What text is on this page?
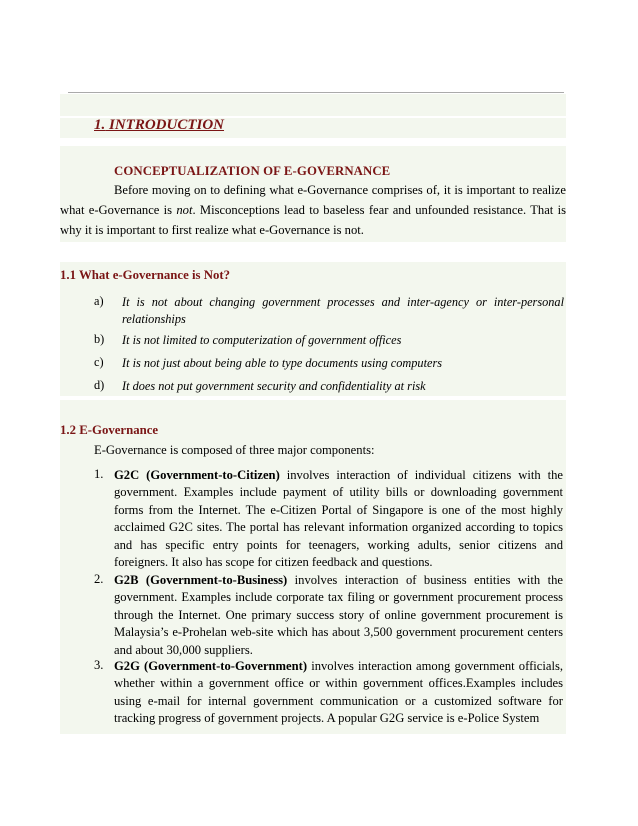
1. INTRODUCTION
CONCEPTUALIZATION OF E-GOVERNANCE
Before moving on to defining what e-Governance comprises of, it is important to realize what e-Governance is not. Misconceptions lead to baseless fear and unfounded resistance. That is why it is important to first realize what e-Governance is not.
1.1 What e-Governance is Not?
a) It is not about changing government processes and inter-agency or inter-personal relationships
b) It is not limited to computerization of government offices
c) It is not just about being able to type documents using computers
d) It does not put government security and confidentiality at risk
1.2 E-Governance
E-Governance is composed of three major components:
1. G2C (Government-to-Citizen) involves interaction of individual citizens with the government. Examples include payment of utility bills or downloading government forms from the Internet. The e-Citizen Portal of Singapore is one of the most highly acclaimed G2C sites. The portal has relevant information organized according to topics and has specific entry points for teenagers, working adults, senior citizens and foreigners. It also has scope for citizen feedback and questions.
2. G2B (Government-to-Business) involves interaction of business entities with the government. Examples include corporate tax filing or government procurement process through the Internet. One primary success story of online government procurement is Malaysia’s e-Prohelan web-site which has about 3,500 government procurement centers and about 30,000 suppliers.
3. G2G (Government-to-Government) involves interaction among government officials, whether within a government office or within government offices.Examples includes using e-mail for internal government communication or a customized software for tracking progress of government projects. A popular G2G service is e-Police System
